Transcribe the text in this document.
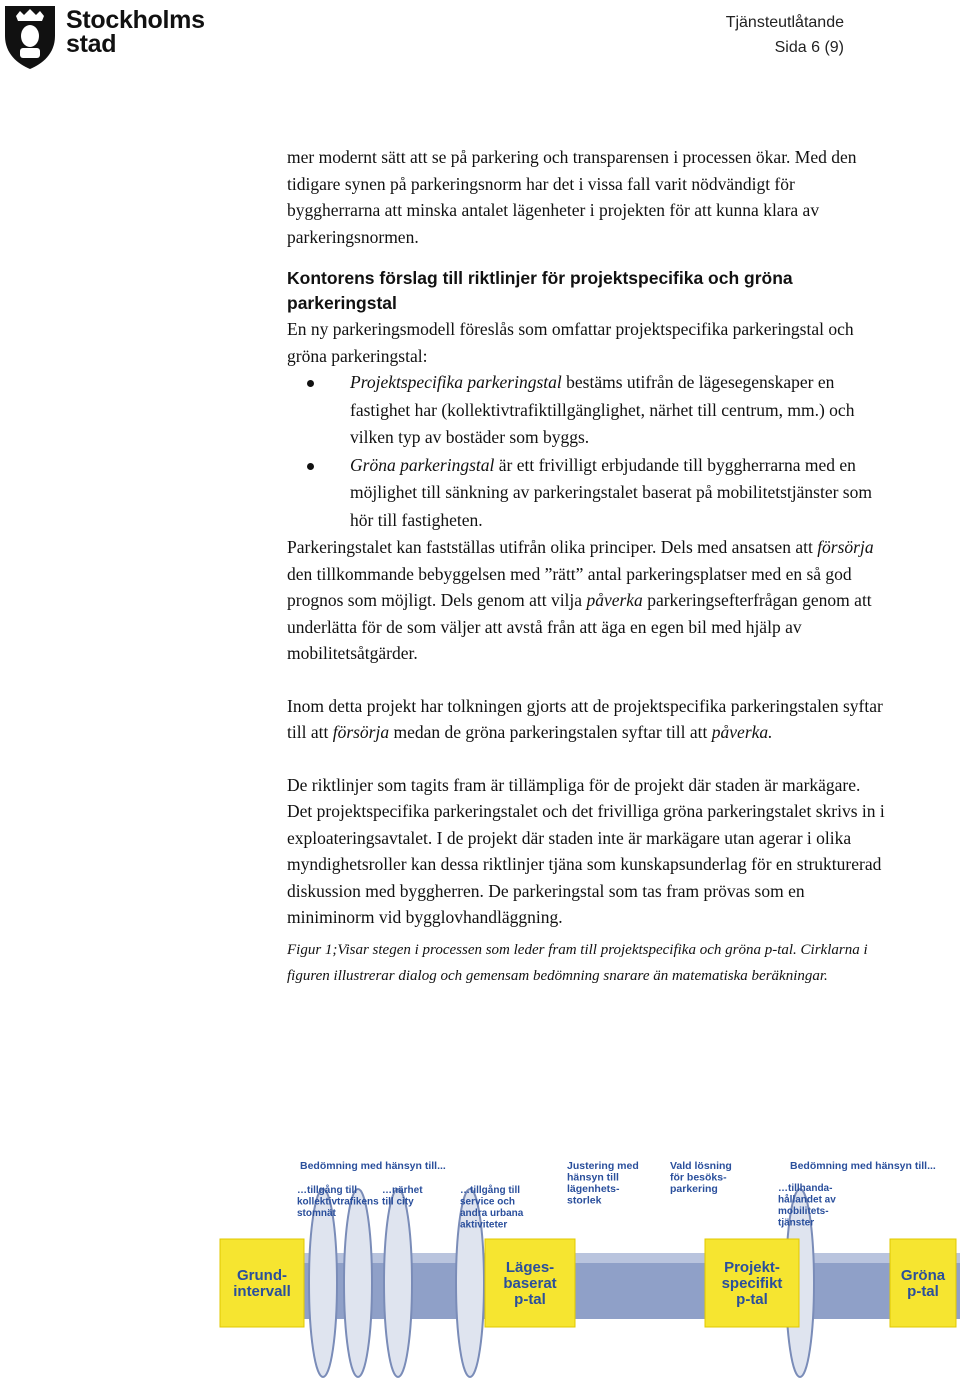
Stockholms
stad
Tjänsteutlåtande
Sida 6 (9)

mer modernt sätt att se på parkering och transparensen i processen ökar. Med den tidigare synen på parkeringsnorm har det i vissa fall varit nödvändigt för byggherrarna att minska antalet lägenheter i projekten för att kunna klara av parkeringsnormen.

Kontorens förslag till riktlinjer för projektspecifika och gröna parkeringstal

En ny parkeringsmodell föreslås som omfattar projektspecifika parkeringstal och gröna parkeringstal:

Projektspecifika parkeringstal bestäms utifrån de lägesegenskaper en fastighet har (kollektivtrafiktillgänglighet, närhet till centrum, mm.) och vilken typ av bostäder som byggs.
Gröna parkeringstal är ett frivilligt erbjudande till byggherrarna med en möjlighet till sänkning av parkeringstalet baserat på mobilitetstjänster som hör till fastigheten.

Parkeringstalet kan fastställas utifrån olika principer. Dels med ansatsen att försörja den tillkommande bebyggelsen med ”rätt” antal parkeringsplatser med en så god prognos som möjligt. Dels genom att vilja påverka parkeringsefterfrågan genom att underlätta för de som väljer att avstå från att äga en egen bil med hjälp av mobilitetsåtgärder.

Inom detta projekt har tolkningen gjorts att de projektspecifika parkeringstalen syftar till att försörja medan de gröna parkeringstalen syftar till att påverka.

De riktlinjer som tagits fram är tillämpliga för de projekt där staden är markägare. Det projektspecifika parkeringstalet och det frivilliga gröna parkeringstalet skrivs in i exploateringsavtalet. I de projekt där staden inte är markägare utan agerar i olika myndighetsroller kan dessa riktlinjer tjäna som kunskapsunderlag för en strukturerad diskussion med byggherren. De parkeringstal som tas fram prövas som en miniminorm vid bygglovhandläggning.

Figur 1;Visar stegen i processen som leder fram till projektspecifika och gröna p-tal. Cirklarna i figuren illustrerar dialog och gemensam bedömning snarare än matematiska beräkningar.

Grund-intervall
Läges-baserat p-tal
Projekt-specifikt p-tal
Gröna p-tal
Bedömning med hänsyn till...	Justering med hänsyn till lägenhets-storlek
Vald lösning för besöks-parkering
Bedömning med hänsyn till...
…tillgång till kollektivtrafikens stomnät
…närhet till city
…tillgång till service och andra urbana aktiviteter
…tillhanda-hållandet av mobilitets-tjänster
